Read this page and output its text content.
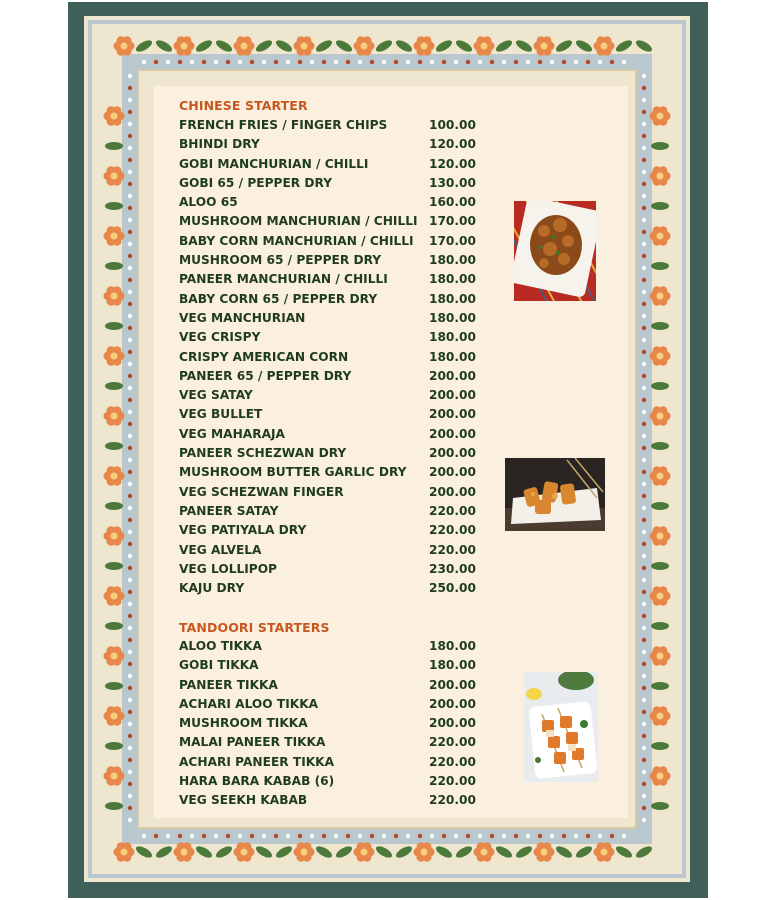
CHINESE STARTER
FRENCH FRIES / FINGER CHIPS	100.00
BHINDI DRY	120.00
GOBI MANCHURIAN / CHILLI	120.00
GOBI 65 / PEPPER DRY	130.00
ALOO 65	160.00
MUSHROOM MANCHURIAN / CHILLI 170.00
BABY CORN MANCHURIAN / CHILLI 170.00
MUSHROOM 65 / PEPPER DRY	180.00
PANEER MANCHURIAN / CHILLI	180.00
BABY CORN 65 / PEPPER DRY	180.00
VEG MANCHURIAN	180.00
VEG CRISPY	180.00
CRISPY AMERICAN CORN	180.00
PANEER 65 / PEPPER DRY	200.00
VEG SATAY	200.00
VEG BULLET	200.00
VEG MAHARAJA	200.00
PANEER SCHEZWAN DRY	200.00
MUSHROOM BUTTER GARLIC DRY 200.00
VEG SCHEZWAN FINGER	200.00
PANEER SATAY	220.00
VEG PATIYALA DRY	220.00
VEG ALVELA	220.00
VEG LOLLIPOP	230.00
KAJU DRY	250.00
TANDOORI STARTERS
ALOO TIKKA	180.00
GOBI TIKKA	180.00
PANEER TIKKA	200.00
ACHARI ALOO TIKKA	200.00
MUSHROOM TIKKA	200.00
MALAI PANEER TIKKA	220.00
ACHARI PANEER TIKKA	220.00
HARA BARA KABAB (6)	220.00
VEG SEEKH KABAB	220.00
